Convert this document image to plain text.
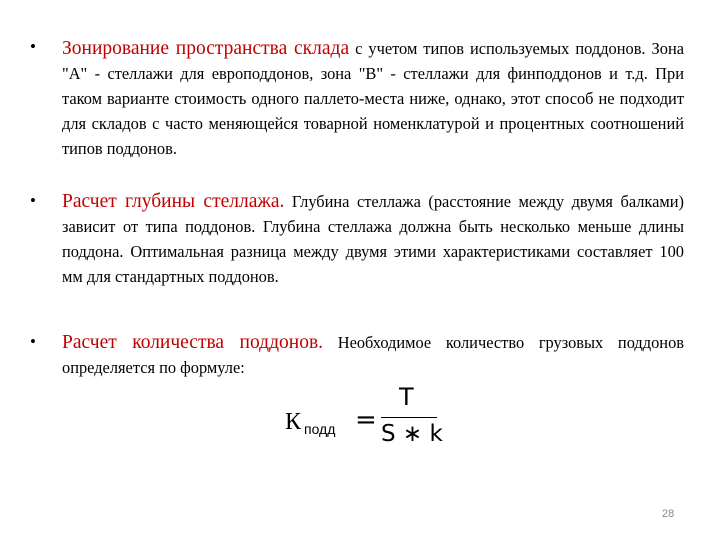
• Зонирование пространства склада с учетом типов используемых поддонов. Зона "А" - стеллажи для европоддонов, зона "В" - стеллажи для финподдонов и т.д. При таком варианте стоимость одного паллето-места ниже, однако, этот способ не подходит для складов с часто меняющейся товарной номенклатурой и процентных соотношений типов поддонов.
• Расчет глубины стеллажа. Глубина стеллажа (расстояние между двумя балками) зависит от типа поддонов. Глубина стеллажа должна быть несколько меньше длины поддона. Оптимальная разница между двумя этими характеристиками составляет 100 мм для стандартных поддонов.
• Расчет количества поддонов. Необходимое количество грузовых поддонов определяется по формуле:
К подд =
T
S ∗ k
28
